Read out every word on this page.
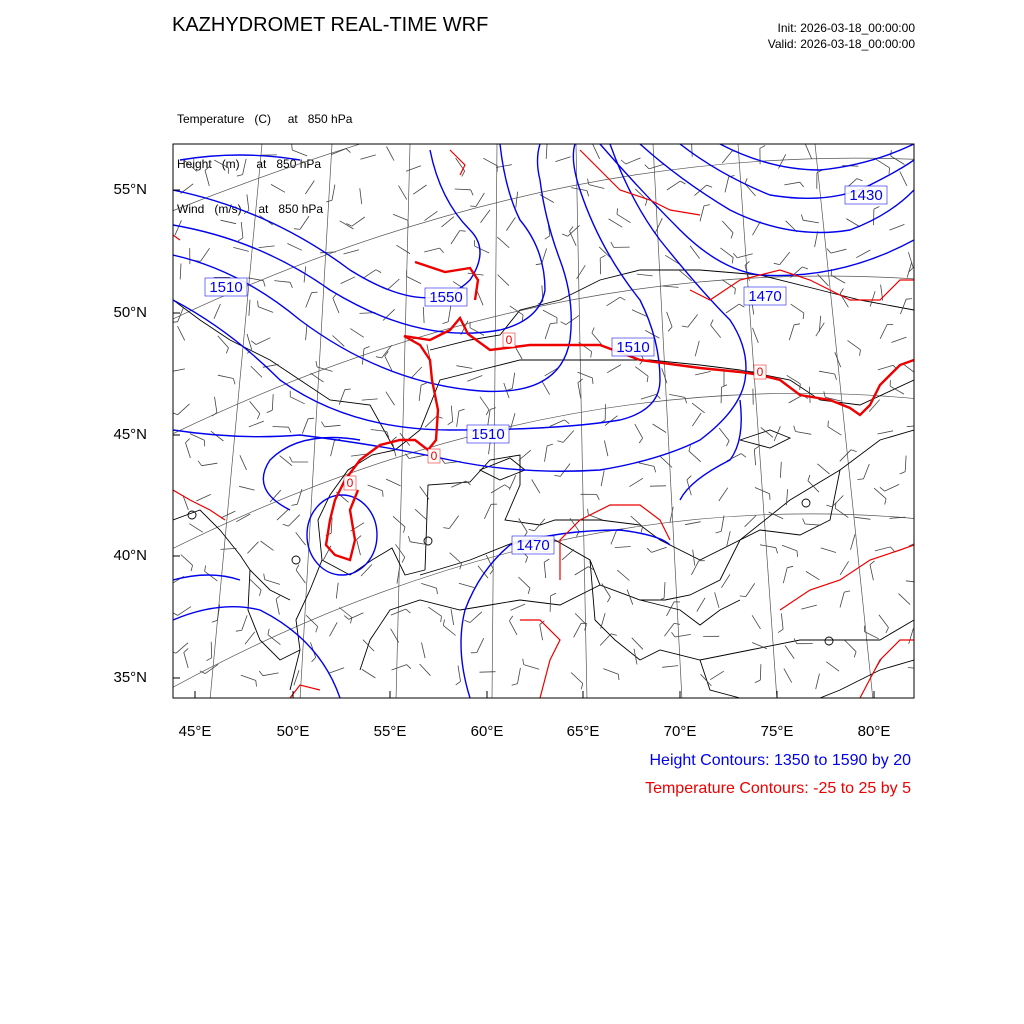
KAZHYDROMET REAL-TIME WRF	Init: 2026-03-18_00:00:00
Valid: 2026-03-18_00:00:00

Temperature   (C)     at   850 hPa

Height   (m)     at   850 hPa

Wind   (m/s)     at   850 hPa

1430
1510
1550	1470
1510
1510
1470
0
0
0
0
55°N
50°N
45°N
40°N
35°N
45°E	50°E	55°E	60°E	65°E	70°E	75°E	80°E
Height Contours: 1350 to 1590 by 20
Temperature Contours: -25 to 25 by 5
